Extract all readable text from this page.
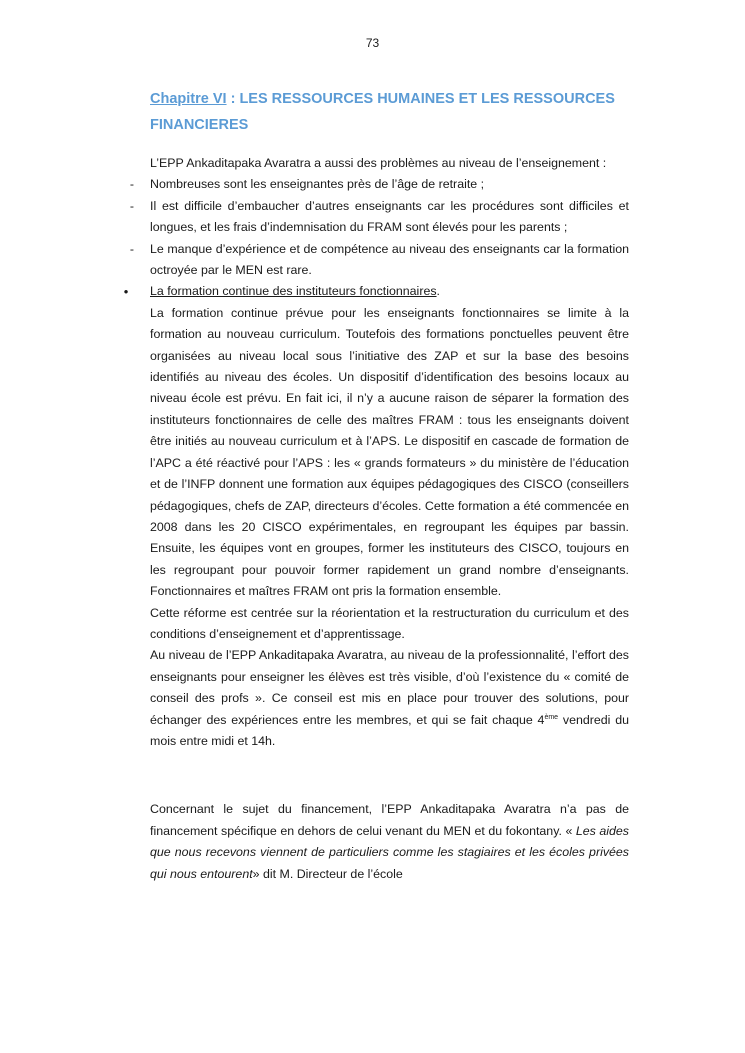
73
Chapitre VI : LES RESSOURCES HUMAINES ET LES RESSOURCES FINANCIERES

L’EPP Ankaditapaka Avaratra a aussi des problèmes au niveau de l’enseignement :

-	Nombreuses sont les enseignantes près de l’âge de retraite ;
-	Il est difficile d’embaucher d’autres enseignants car les procédures sont difficiles et longues, et les frais d’indemnisation du FRAM sont élevés pour les parents ;
-	Le manque d’expérience et de compétence au niveau des enseignants car la formation octroyée par le MEN est rare.
• La formation continue des instituteurs fonctionnaires.

La formation continue prévue pour les enseignants fonctionnaires se limite à la formation au nouveau curriculum. Toutefois des formations ponctuelles peuvent être organisées au niveau local sous l’initiative des ZAP et sur la base des besoins identifiés au niveau des écoles. Un dispositif d’identification des besoins locaux au niveau école est prévu. En fait ici, il n’y a aucune raison de séparer la formation des instituteurs fonctionnaires de celle des maîtres FRAM : tous les enseignants doivent être initiés au nouveau curriculum et à l’APS. Le dispositif en cascade de formation de l’APC a été réactivé pour l’APS : les « grands formateurs » du ministère de l’éducation et de l’INFP donnent une formation aux équipes pédagogiques des CISCO (conseillers pédagogiques, chefs de ZAP, directeurs d’écoles. Cette formation a été commencée en 2008 dans les 20 CISCO expérimentales, en regroupant les équipes par bassin. Ensuite, les équipes vont en groupes, former les instituteurs des CISCO, toujours en les regroupant pour pouvoir former rapidement un grand nombre d’enseignants. Fonctionnaires et maîtres FRAM ont pris la formation ensemble.

Cette réforme est centrée sur la réorientation et la restructuration du curriculum et des conditions d’enseignement et d’apprentissage.

Au niveau de l’EPP Ankaditapaka Avaratra, au niveau de la professionnalité, l’effort des enseignants pour enseigner les élèves est très visible, d’où l’existence du « comité de conseil des profs ». Ce conseil est mis en place pour trouver des solutions, pour échanger des expériences entre les membres, et qui se fait chaque 4ème vendredi du mois entre midi et 14h.

Concernant le sujet du financement, l’EPP Ankaditapaka Avaratra n’a pas de financement spécifique en dehors de celui venant du MEN et du fokontany. « Les aides que nous recevons viennent de particuliers comme les stagiaires et les écoles privées qui nous entourent» dit M. Directeur de l’école
